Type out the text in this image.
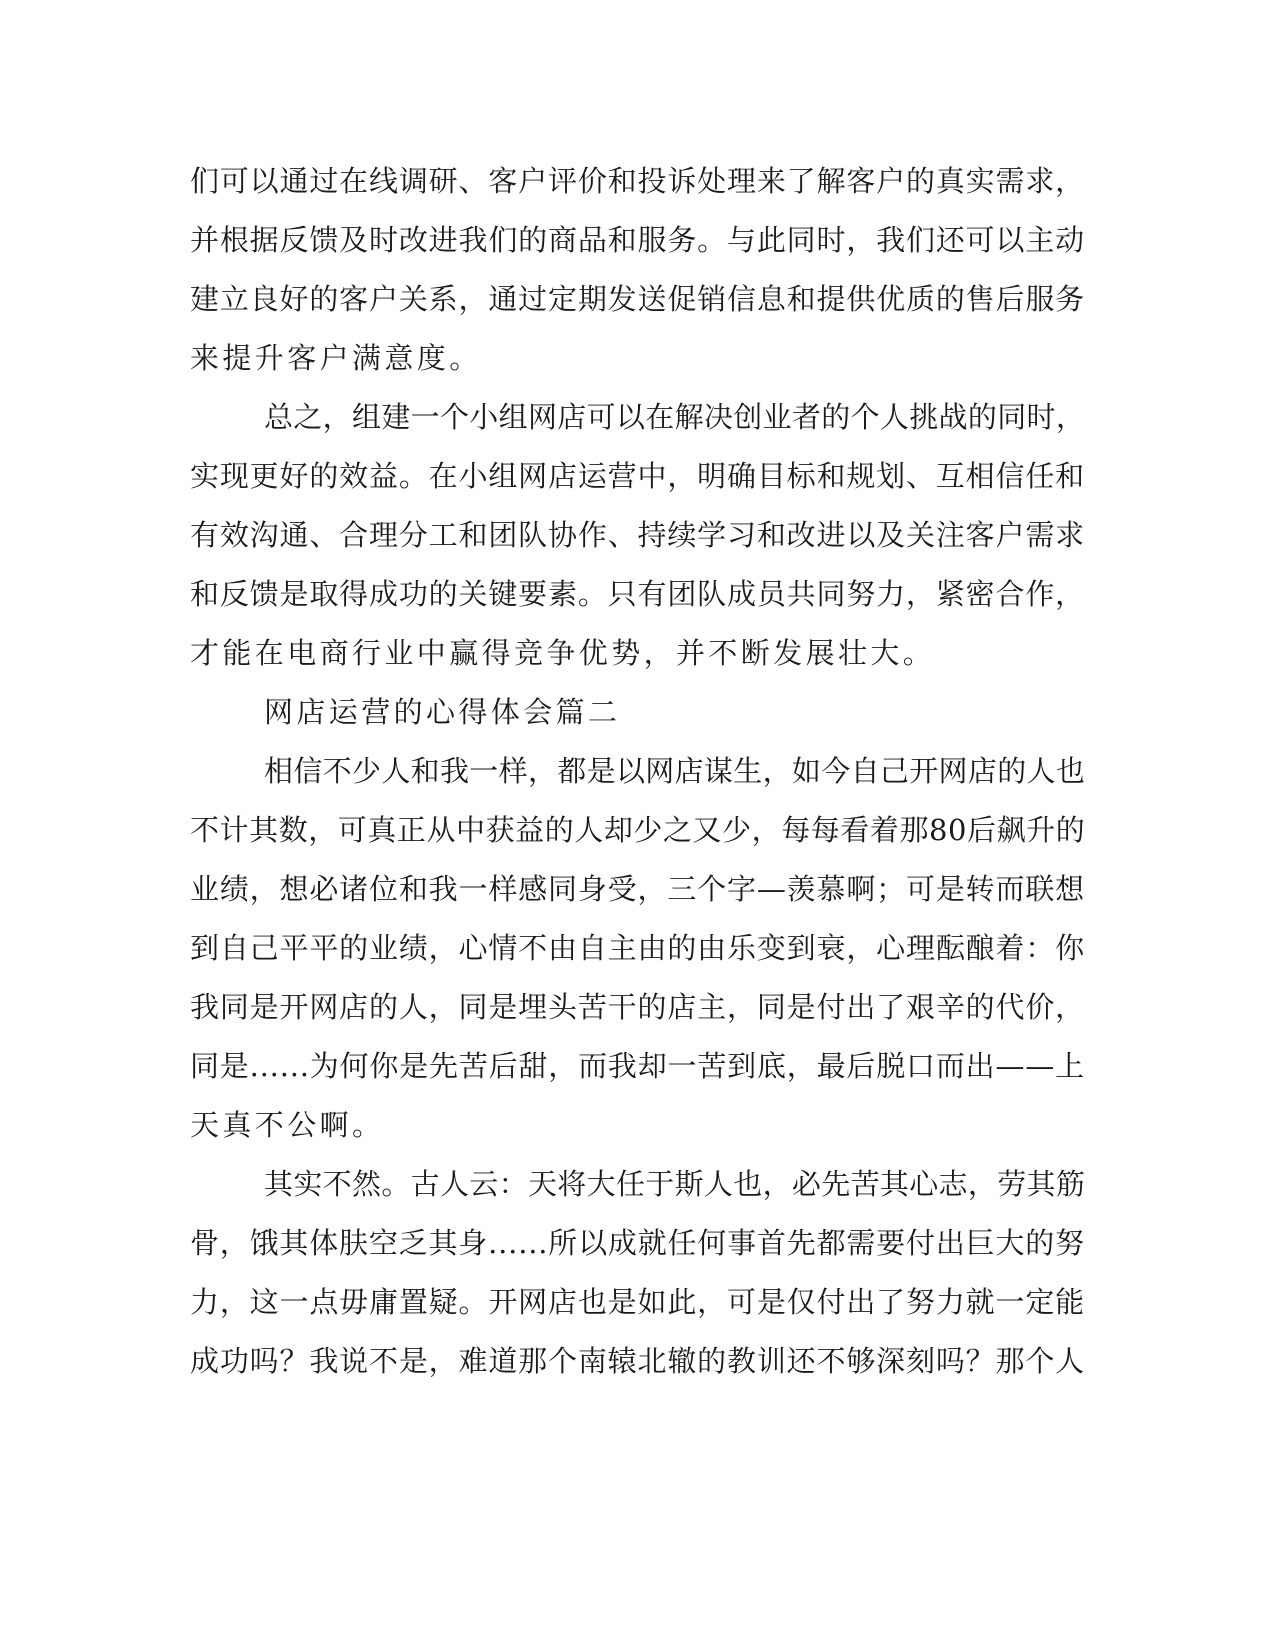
们可以通过在线调研、客户评价和投诉处理来了解客户的真实需求，

并根据反馈及时改进我们的商品和服务。与此同时，我们还可以主动

建立良好的客户关系，通过定期发送促销信息和提供优质的售后服务

来提升客户满意度。

总之，组建一个小组网店可以在解决创业者的个人挑战的同时，

实现更好的效益。在小组网店运营中，明确目标和规划、互相信任和

有效沟通、合理分工和团队协作、持续学习和改进以及关注客户需求

和反馈是取得成功的关键要素。只有团队成员共同努力，紧密合作，

才能在电商行业中赢得竞争优势，并不断发展壮大。

网店运营的心得体会篇二

相信不少人和我一样，都是以网店谋生，如今自己开网店的人也

不计其数，可真正从中获益的人却少之又少，每每看着那80后飙升的

业绩，想必诸位和我一样感同身受，三个字—羡慕啊；可是转而联想

到自己平平的业绩，心情不由自主由的由乐变到衰，心理酝酿着：你

我同是开网店的人，同是埋头苦干的店主，同是付出了艰辛的代价，

同是......为何你是先苦后甜，而我却一苦到底，最后脱口而出——上

天真不公啊。

其实不然。古人云：天将大任于斯人也，必先苦其心志，劳其筋

骨，饿其体肤空乏其身......所以成就任何事首先都需要付出巨大的努

力，这一点毋庸置疑。开网店也是如此，可是仅付出了努力就一定能

成功吗？我说不是，难道那个南辕北辙的教训还不够深刻吗？那个人
